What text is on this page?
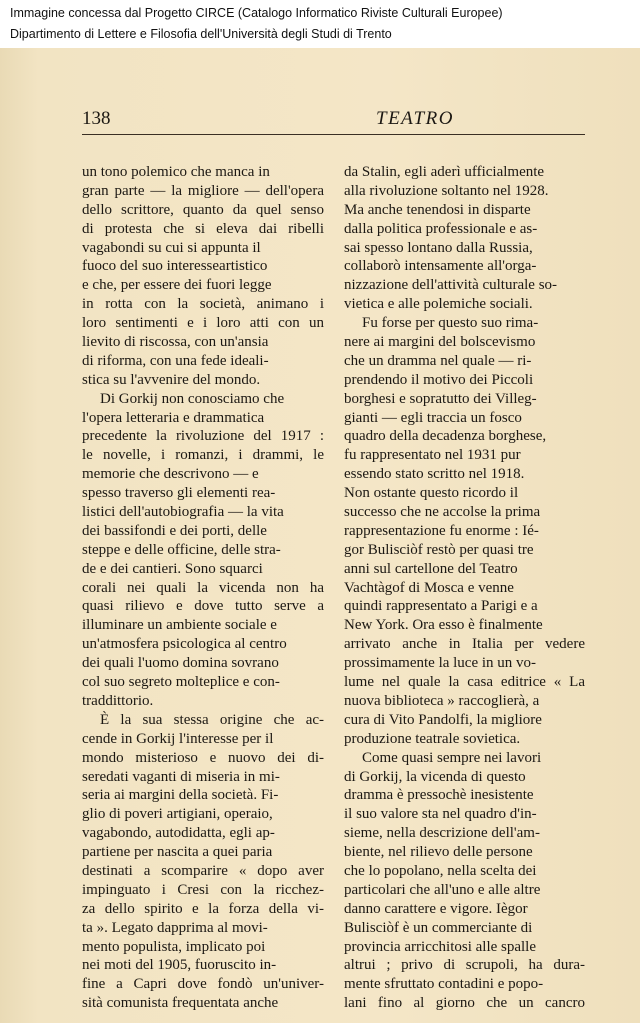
Immagine concessa dal Progetto CIRCE (Catalogo Informatico Riviste Culturali Europee)
Dipartimento di Lettere e Filosofia dell'Università degli Studi di Trento
138	TEATRO
un tono polemico che manca in
gran parte — la migliore — dell'opera
dello scrittore, quanto da quel senso
di protesta che si eleva dai ribelli
vagabondi su cui si appunta il
fuoco del suo interesseartistico
e che, per essere dei fuori legge
in rotta con la società, animano i
loro sentimenti e i loro atti con un
lievito di riscossa, con un'ansia
di riforma, con una fede ideali-
stica su l'avvenire del mondo.
Di Gorkij non conosciamo che
l'opera letteraria e drammatica
precedente la rivoluzione del 1917 :
le novelle, i romanzi, i drammi, le
memorie che descrivono — e
spesso traverso gli elementi rea-
listici dell'autobiografia — la vita
dei bassifondi e dei porti, delle
steppe e delle officine, delle stra-
de e dei cantieri. Sono squarci
corali nei quali la vicenda non ha
quasi rilievo e dove tutto serve a
illuminare un ambiente sociale e
un'atmosfera psicologica al centro
dei quali l'uomo domina sovrano
col suo segreto molteplice e con-
traddittorio.
È la sua stessa origine che ac-
cende in Gorkij l'interesse per il
mondo misterioso e nuovo dei di-
seredati vaganti di miseria in mi-
seria ai margini della società. Fi-
glio di poveri artigiani, operaio,
vagabondo, autodidatta, egli ap-
partiene per nascita a quei paria
destinati a scomparire « dopo aver
impinguato i Cresi con la ricchez-
za dello spirito e la forza della vi-
ta ». Legato dapprima al movi-
mento populista, implicato poi
nei moti del 1905, fuoruscito in-
fine a Capri dove fondò un'univer-
sità comunista frequentata anche
da Stalin, egli aderì ufficialmente
alla rivoluzione soltanto nel 1928.
Ma anche tenendosi in disparte
dalla politica professionale e as-
sai spesso lontano dalla Russia,
collaborò intensamente all'orga-
nizzazione dell'attività culturale so-
vietica e alle polemiche sociali.
Fu forse per questo suo rima-
nere ai margini del bolscevismo
che un dramma nel quale — ri-
prendendo il motivo dei Piccoli
borghesi e sopratutto dei Villeg-
gianti — egli traccia un fosco
quadro della decadenza borghese,
fu rappresentato nel 1931 pur
essendo stato scritto nel 1918.
Non ostante questo ricordo il
successo che ne accolse la prima
rappresentazione fu enorme : Ié-
gor Bulisciòf restò per quasi tre
anni sul cartellone del Teatro
Vachtàgof di Mosca e venne
quindi rappresentato a Parigi e a
New York. Ora esso è finalmente
arrivato anche in Italia per vedere
prossimamente la luce in un vo-
lume nel quale la casa editrice « La
nuova biblioteca » raccoglierà, a
cura di Vito Pandolfi, la migliore
produzione teatrale sovietica.
Come quasi sempre nei lavori
di Gorkij, la vicenda di questo
dramma è pressochè inesistente
il suo valore sta nel quadro d'in-
sieme, nella descrizione dell'am-
biente, nel rilievo delle persone
che lo popolano, nella scelta dei
particolari che all'uno e alle altre
danno carattere e vigore. Iègor
Bulisciòf è un commerciante di
provincia arricchitosi alle spalle
altrui ; privo di scrupoli, ha dura-
mente sfruttato contadini e popo-
lani fino al giorno che un cancro
